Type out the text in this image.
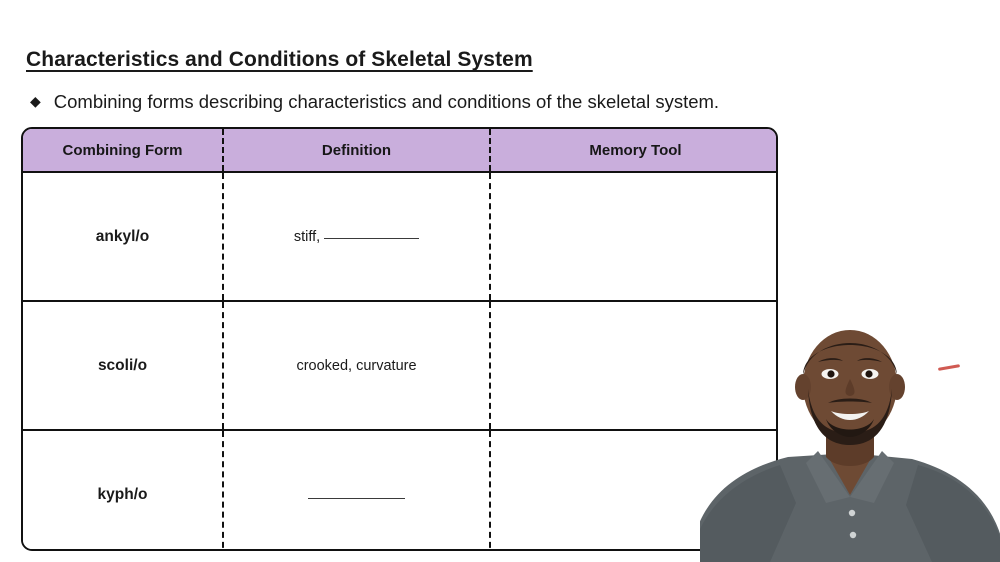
Characteristics and Conditions of Skeletal System
◆ Combining forms describing characteristics and conditions of the skeletal system.
Combining Form	Definition	Memory Tool
ankyl/o	stiff,	
scoli/o	crooked, curvature	
kyph/o		
